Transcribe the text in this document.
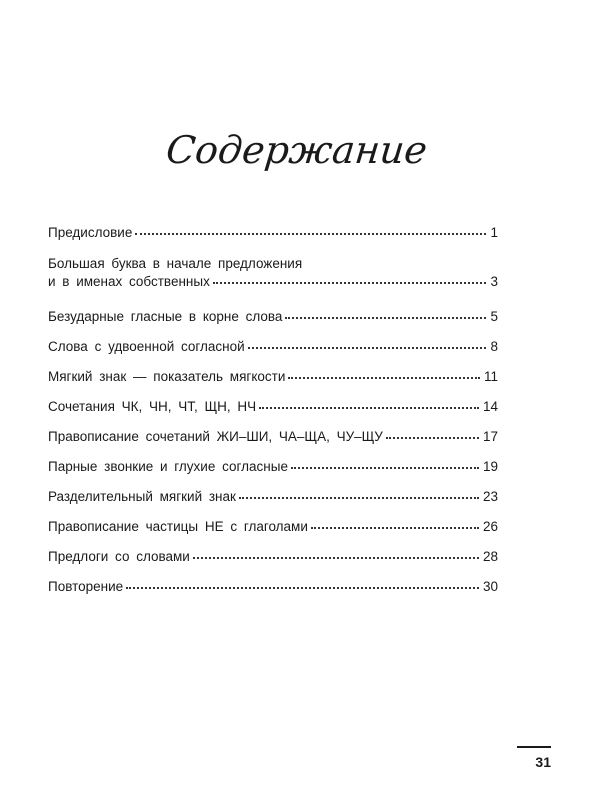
Содержание
Предисловие	1
Большая буква в начале предложения
и в именах собственных	3
Безударные гласные в корне слова	5
Слова с удвоенной согласной	8
Мягкий знак — показатель мягкости	11
Сочетания ЧК, ЧН, ЧТ, ЩН, НЧ	14
Правописание сочетаний ЖИ–ШИ, ЧА–ЩА, ЧУ–ЩУ	17
Парные звонкие и глухие согласные	19
Разделительный мягкий знак	23
Правописание частицы НЕ с глаголами	26
Предлоги со словами	28
Повторение	30
31
